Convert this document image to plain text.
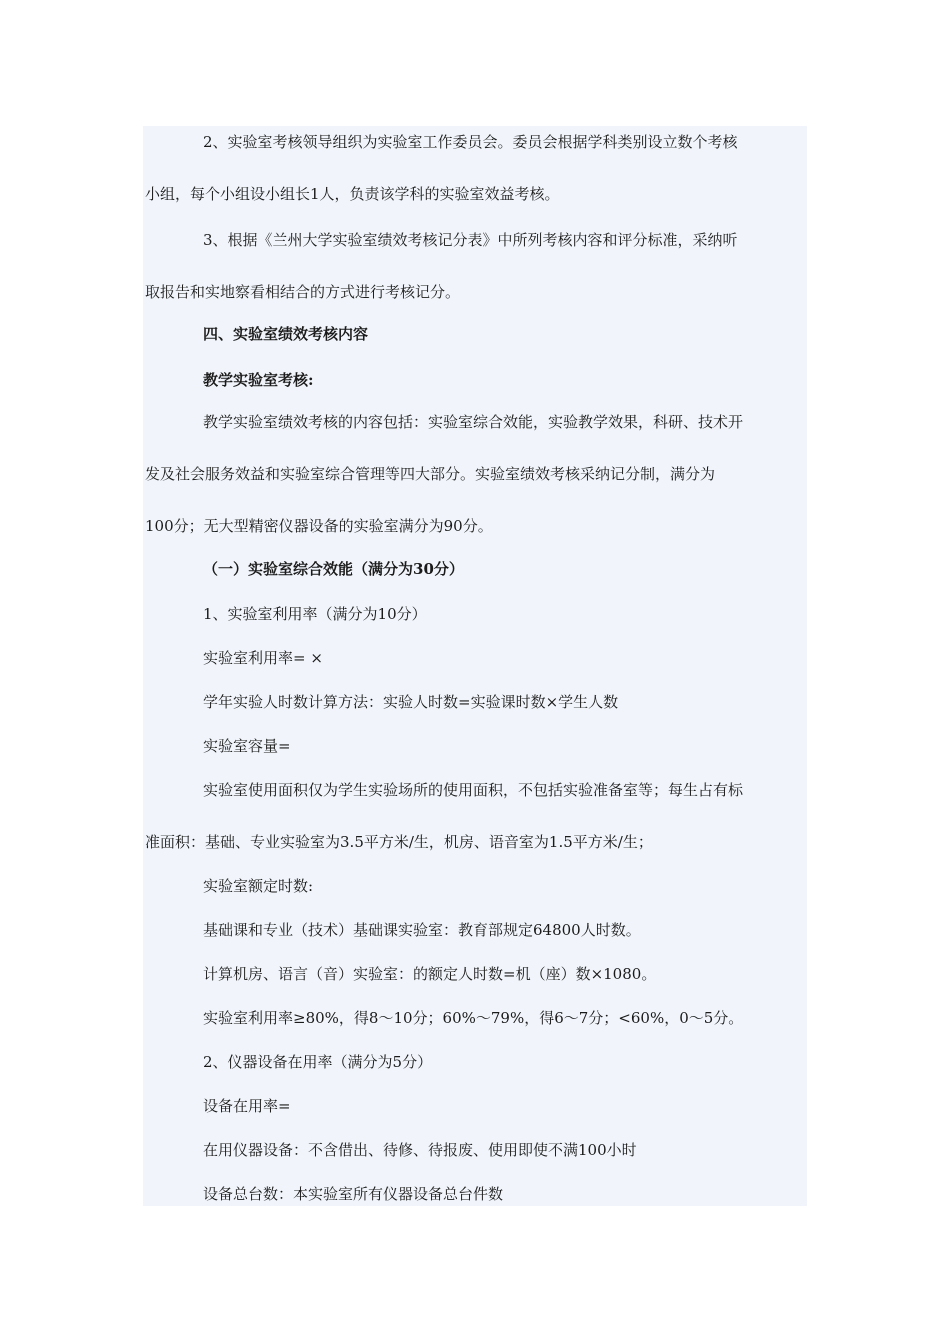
2、实验室考核领导组织为实验室工作委员会。委员会根据学科类别设立数个考核
小组，每个小组设小组长1人，负责该学科的实验室效益考核。
3、根据《兰州大学实验室绩效考核记分表》中所列考核内容和评分标准，采纳听
取报告和实地察看相结合的方式进行考核记分。
四、实验室绩效考核内容
教学实验室考核:
教学实验室绩效考核的内容包括：实验室综合效能，实验教学效果，科研、技术开
发及社会服务效益和实验室综合管理等四大部分。实验室绩效考核采纳记分制，满分为
100分；无大型精密仪器设备的实验室满分为90分。
（一）实验室综合效能（满分为30分）
1、实验室利用率（满分为10分）
实验室利用率= ×
学年实验人时数计算方法：实验人时数=实验课时数×学生人数
实验室容量=
实验室使用面积仅为学生实验场所的使用面积，不包括实验准备室等；每生占有标
准面积：基础、专业实验室为3.5平方米/生，机房、语音室为1.5平方米/生；
实验室额定时数:
基础课和专业（技术）基础课实验室：教育部规定64800人时数。
计算机房、语言（音）实验室：的额定人时数=机（座）数×1080。
实验室利用率≥80%，得8～10分；60%～79%，得6～7分；<60%，0～5分。
2、仪器设备在用率（满分为5分）
设备在用率=
在用仪器设备：不含借出、待修、待报废、使用即使不满100小时
设备总台数：本实验室所有仪器设备总台件数
